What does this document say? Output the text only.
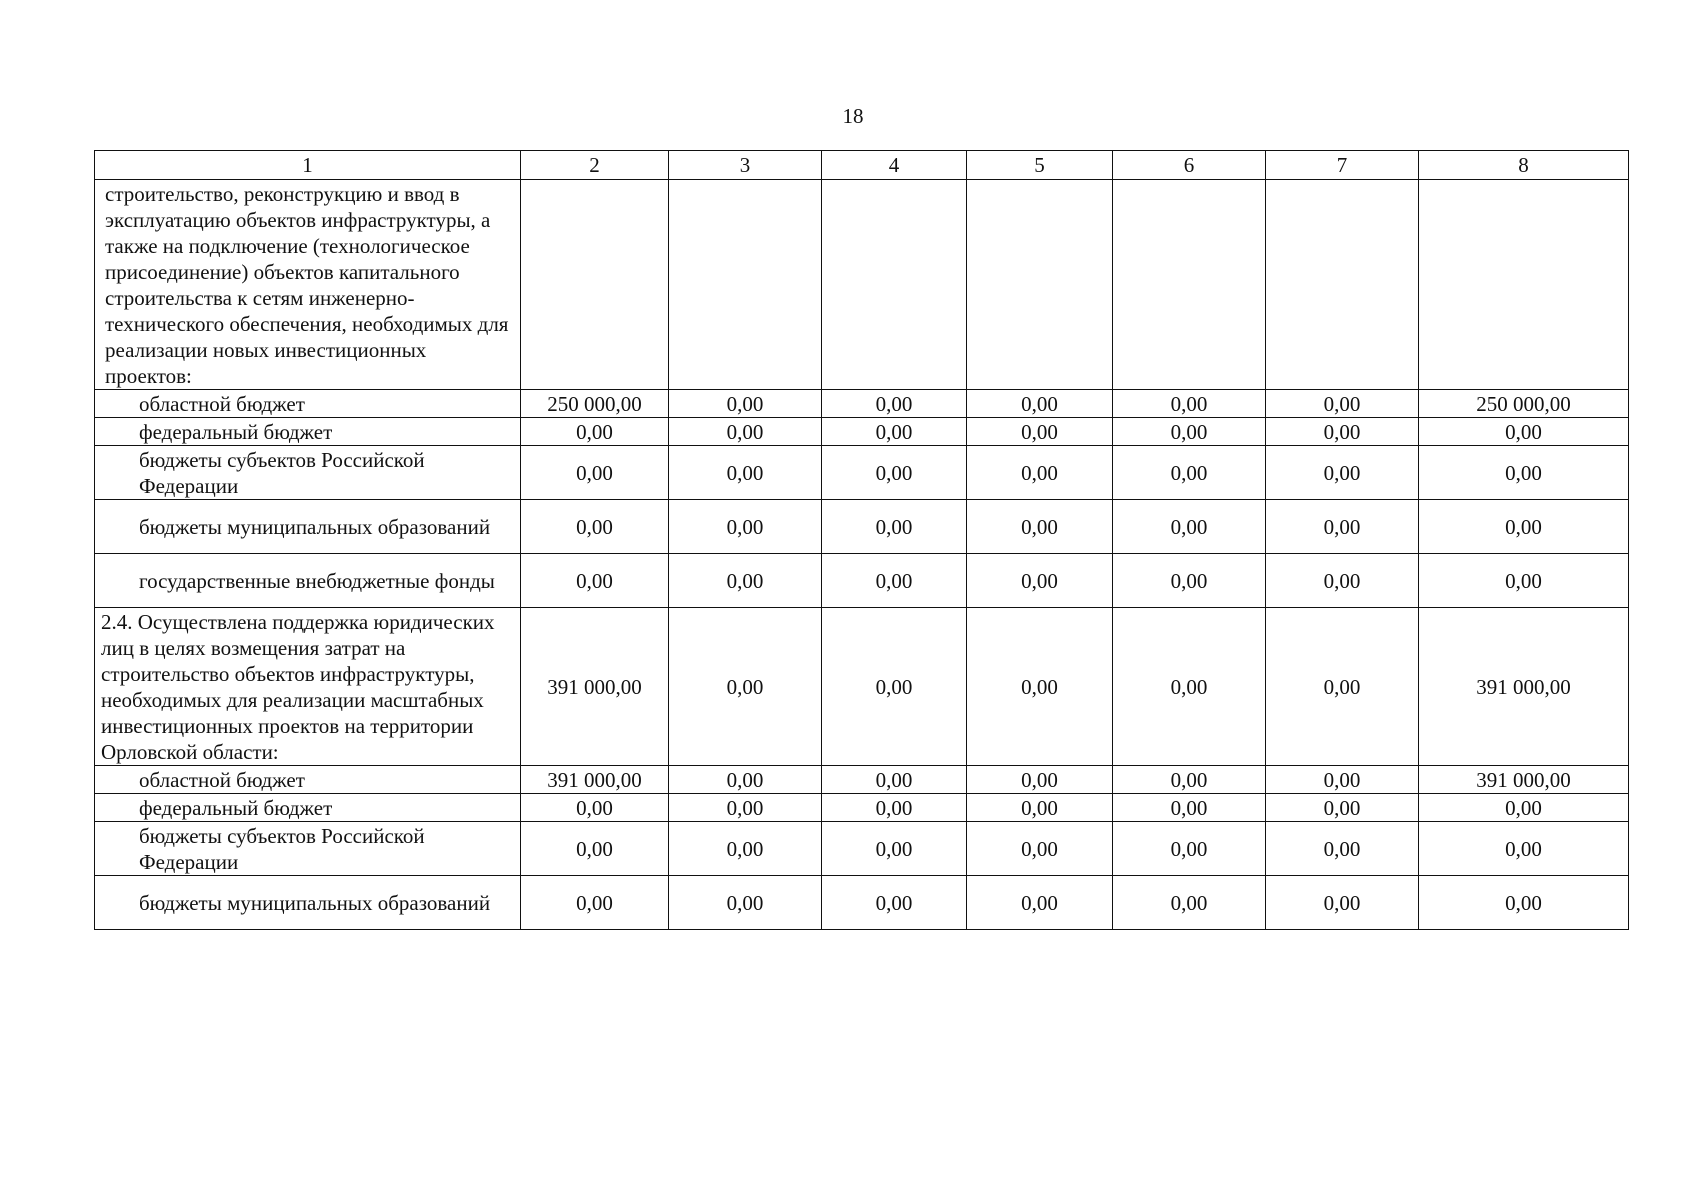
18
1	2	3	4	5	6	7	8
строительство, реконструкцию и ввод в эксплуатацию объектов инфраструктуры, а также на подключение (технологическое присоединение) объектов капитального строительства к сетям инженерно-технического обеспечения, необходимых для реализации новых инвестиционных проектов:							
областной бюджет	250 000,00	0,00	0,00	0,00	0,00	0,00	250 000,00
федеральный бюджет	0,00	0,00	0,00	0,00	0,00	0,00	0,00
бюджеты субъектов Российской Федерации	0,00	0,00	0,00	0,00	0,00	0,00	0,00
бюджеты муниципальных образований	0,00	0,00	0,00	0,00	0,00	0,00	0,00
государственные внебюджетные фонды	0,00	0,00	0,00	0,00	0,00	0,00	0,00
2.4. Осуществлена поддержка юридических лиц в целях возмещения затрат на строительство объектов инфраструктуры, необходимых для реализации масштабных инвестиционных проектов на территории Орловской области:	391 000,00	0,00	0,00	0,00	0,00	0,00	391 000,00
областной бюджет	391 000,00	0,00	0,00	0,00	0,00	0,00	391 000,00
федеральный бюджет	0,00	0,00	0,00	0,00	0,00	0,00	0,00
бюджеты субъектов Российской Федерации	0,00	0,00	0,00	0,00	0,00	0,00	0,00
бюджеты муниципальных образований	0,00	0,00	0,00	0,00	0,00	0,00	0,00
